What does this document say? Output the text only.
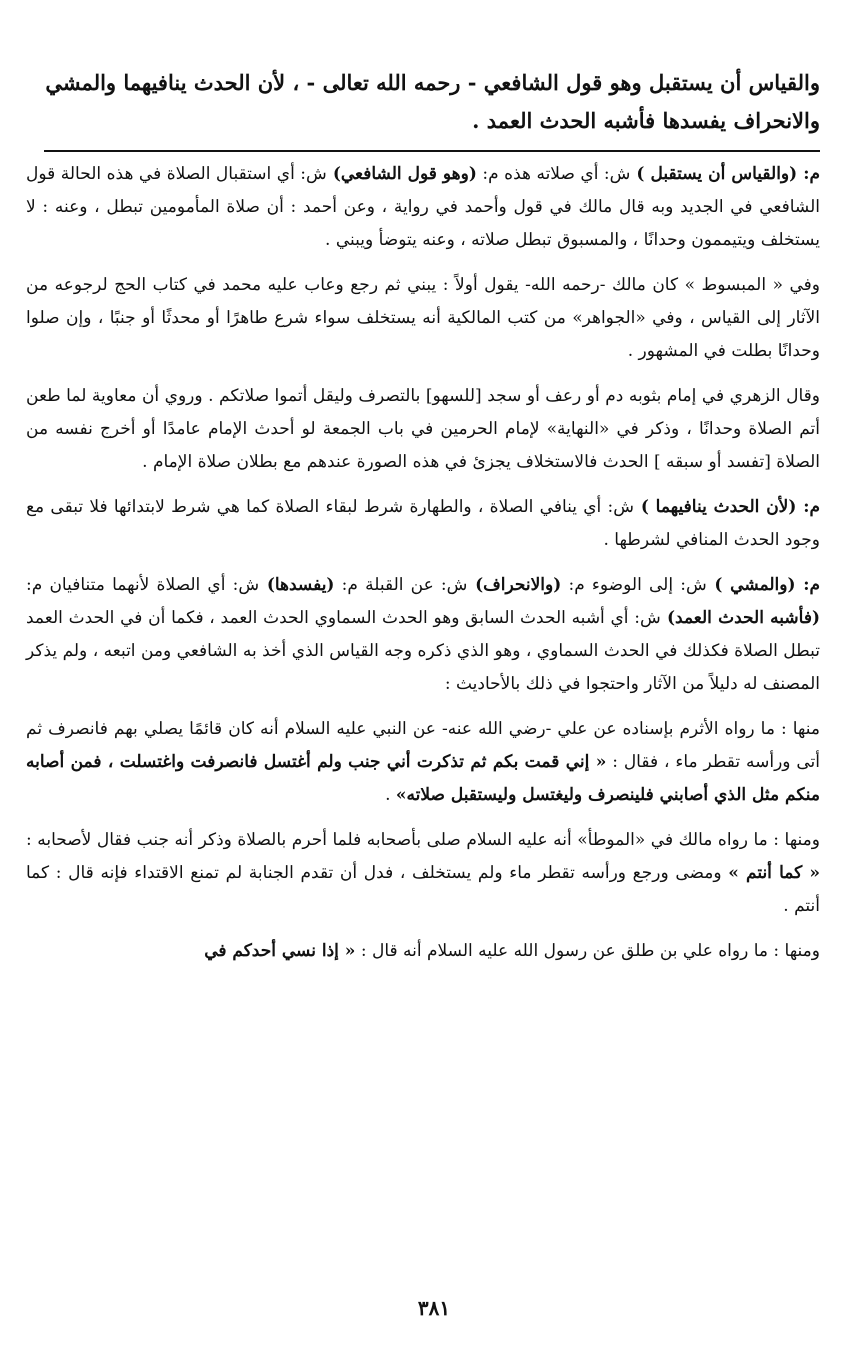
والقياس أن يستقبل وهو قول الشافعي - رحمه الله تعالى - ، لأن الحدث ينافيهما والمشي

والانحراف يفسدها فأشبه الحدث العمد .

م: (والقياس أن يستقبل ) ش: أي صلاته هذه م: (وهو قول الشافعي) ش: أي استقبال الصلاة في هذه الحالة قول الشافعي في الجديد وبه قال مالك في قول وأحمد في رواية ، وعن أحمد : أن صلاة المأمومين تبطل ، وعنه : لا يستخلف ويتيممون وحدانًا ، والمسبوق تبطل صلاته ، وعنه يتوضأ ويبني .

وفي « المبسوط » كان مالك -رحمه الله- يقول أولاً : يبني ثم رجع وعاب عليه محمد في كتاب الحج لرجوعه من الآثار إلى القياس ، وفي «الجواهر» من كتب المالكية أنه يستخلف سواء شرع طاهرًا أو محدثًا أو جنبًا ، وإن صلوا وحدانًا بطلت في المشهور .

وقال الزهري في إمام بثوبه دم أو رعف أو سجد [للسهو] بالتصرف وليقل أتموا صلاتكم . وروي أن معاوية لما طعن أتم الصلاة وحدانًا ، وذكر في «النهاية» لإمام الحرمين في باب الجمعة لو أحدث الإمام عامدًا أو أخرج نفسه من الصلاة [تفسد أو سبقه ] الحدث فالاستخلاف يجزئ في هذه الصورة عندهم مع بطلان صلاة الإمام .

م: (لأن الحدث ينافيهما ) ش: أي ينافي الصلاة ، والطهارة شرط لبقاء الصلاة كما هي شرط لابتدائها فلا تبقى مع وجود الحدث المنافي لشرطها .

م: (والمشي ) ش: إلى الوضوء م: (والانحراف) ش: عن القبلة م: (يفسدها) ش: أي الصلاة لأنهما متنافيان م: (فأشبه الحدث العمد) ش: أي أشبه الحدث السابق وهو الحدث السماوي الحدث العمد ، فكما أن في الحدث العمد تبطل الصلاة فكذلك في الحدث السماوي ، وهو الذي ذكره وجه القياس الذي أخذ به الشافعي ومن اتبعه ، ولم يذكر المصنف له دليلاً من الآثار واحتجوا في ذلك بالأحاديث :

منها : ما رواه الأثرم بإسناده عن علي -رضي الله عنه- عن النبي عليه السلام أنه كان قائمًا يصلي بهم فانصرف ثم أتى ورأسه تقطر ماء ، فقال : « إني قمت بكم ثم تذكرت أني جنب ولم أغتسل فانصرفت واغتسلت ، فمن أصابه منكم مثل الذي أصابني فلينصرف وليغتسل وليستقبل صلاته» .

ومنها : ما رواه مالك في «الموطأ» أنه عليه السلام صلى بأصحابه فلما أحرم بالصلاة وذكر أنه جنب فقال لأصحابه : « كما أنتم » ومضى ورجع ورأسه تقطر ماء ولم يستخلف ، فدل أن تقدم الجنابة لم تمنع الاقتداء فإنه قال : كما أنتم .

ومنها : ما رواه علي بن طلق عن رسول الله عليه السلام أنه قال : « إذا نسي أحدكم في

٣٨١
